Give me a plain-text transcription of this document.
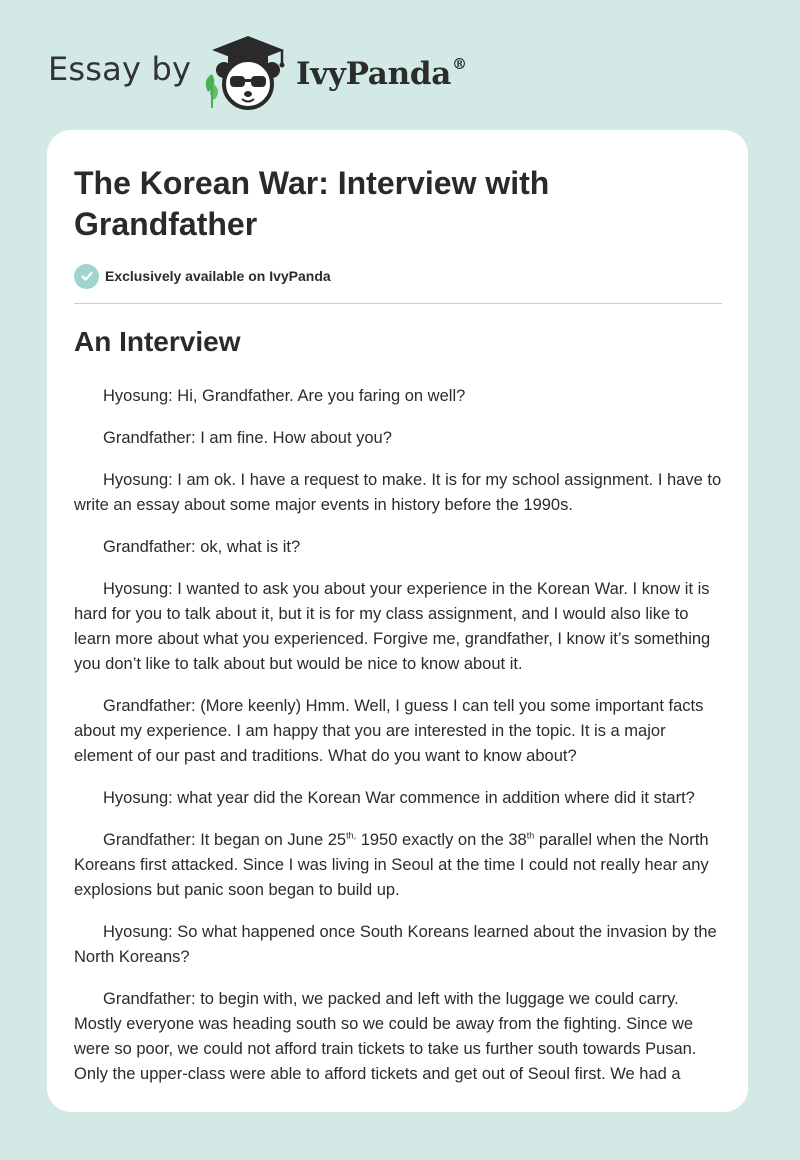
Essay by	IvyPanda®
The Korean War: Interview with Grandfather
Exclusively available on IvyPanda
An Interview

Hyosung: Hi, Grandfather. Are you faring on well?

Grandfather: I am fine. How about you?

Hyosung: I am ok. I have a request to make. It is for my school assignment. I have to write an essay about some major events in history before the 1990s.

Grandfather: ok, what is it?

Hyosung: I wanted to ask you about your experience in the Korean War. I know it is hard for you to talk about it, but it is for my class assignment, and I would also like to learn more about what you experienced. Forgive me, grandfather, I know it’s something you don’t like to talk about but would be nice to know about it.

Grandfather: (More keenly) Hmm. Well, I guess I can tell you some important facts about my experience. I am happy that you are interested in the topic. It is a major element of our past and traditions. What do you want to know about?

Hyosung: what year did the Korean War commence in addition where did it start?

Grandfather: It began on June $25^{th,}$ 1950 exactly on the 38th parallel when the North Koreans first attacked. Since I was living in Seoul at the time I could not really hear any explosions but panic soon began to build up.

Hyosung: So what happened once South Koreans learned about the invasion by the North Koreans?

Grandfather: to begin with, we packed and left with the luggage we could carry. Mostly everyone was heading south so we could be away from the fighting. Since we were so poor, we could not afford train tickets to take us further south towards Pusan. Only the upper-class were able to afford tickets and get out of Seoul first. We had a
